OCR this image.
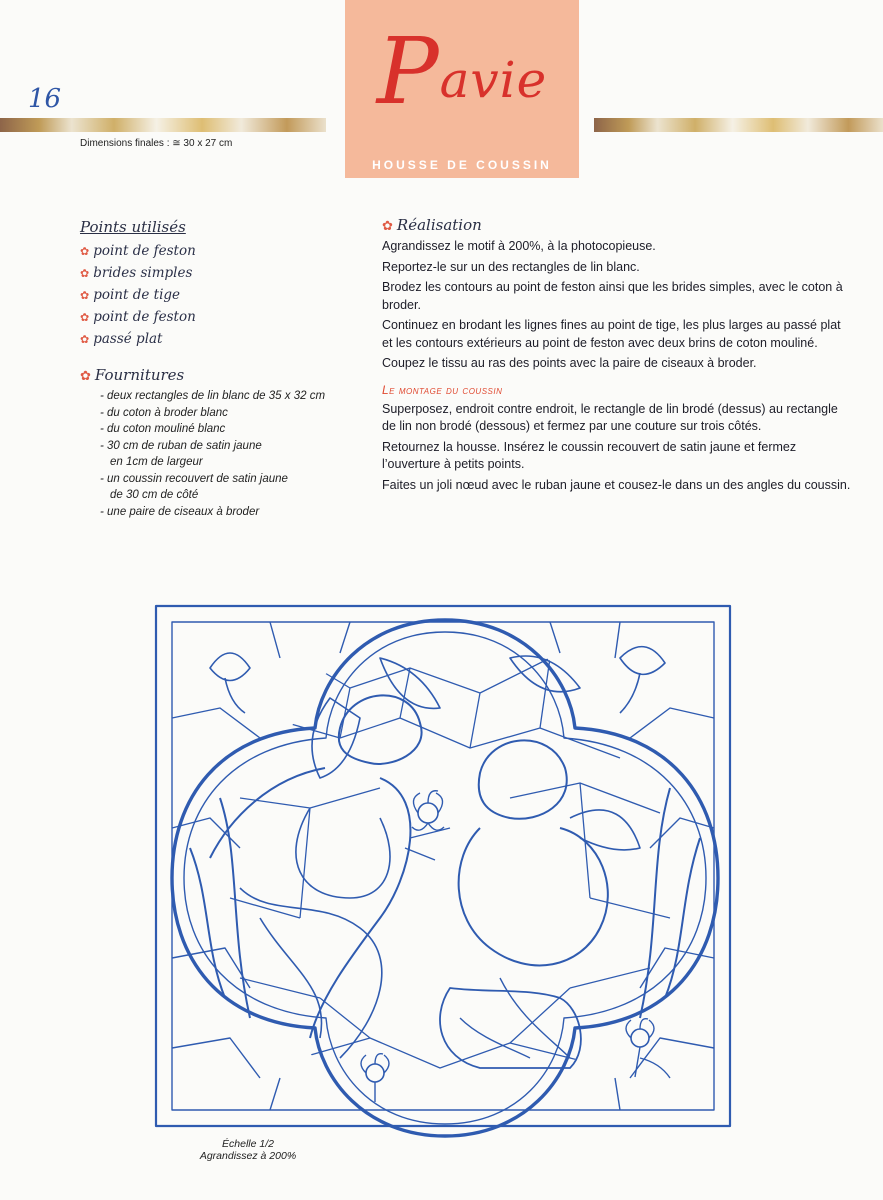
16	Pavie
HOUSSE DE COUSSIN
Dimensions finales : ≅ 30 x 27 cm
Points utilisés
✿ point de feston
✿ brides simples
✿ point de tige
✿ point de feston
✿ passé plat
✿ Fournitures
- deux rectangles de lin blanc de 35 x 32 cm
- du coton à broder blanc
- du coton mouliné blanc
- 30 cm de ruban de satin jaune
en 1cm de largeur
- un coussin recouvert de satin jaune
de 30 cm de côté
- une paire de ciseaux à broder
✿ Réalisation

Agrandissez le motif à 200%, à la photocopieuse.

Reportez-le sur un des rectangles de lin blanc.

Brodez les contours au point de feston ainsi que les brides simples, avec le coton à broder.

Continuez en brodant les lignes fines au point de tige, les plus larges au passé plat et les contours extérieurs au point de feston avec deux brins de coton mouliné.

Coupez le tissu au ras des points avec la paire de ciseaux à broder.

Le montage du coussin

Superposez, endroit contre endroit, le rectangle de lin brodé (dessus) au rectangle de lin non brodé (dessous) et fermez par une couture sur trois côtés.

Retournez la housse. Insérez le coussin recouvert de satin jaune et fermez l’ouverture à petits points.

Faites un joli nœud avec le ruban jaune et cousez-le dans un des angles du coussin.

Échelle 1/2
Agrandissez à 200%
